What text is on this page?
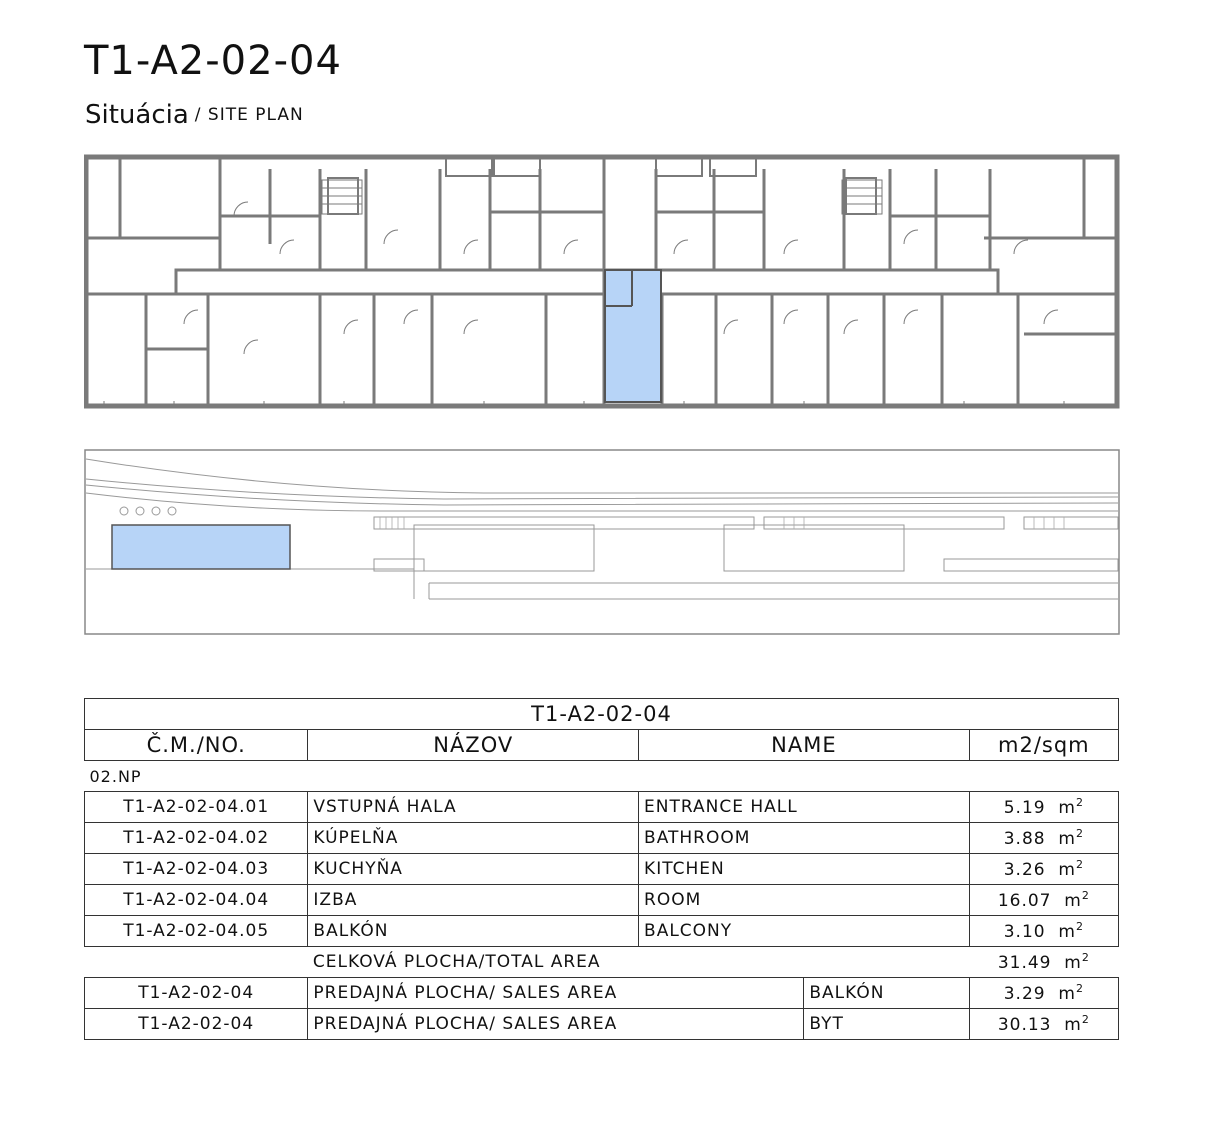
T1-A2-02-04
Situácia / SITE PLAN
T1-A2-02-04				
Č.M./NO.	NÁZOV	NAME		m2/sqm
02.NP				
T1-A2-02-04.01	VSTUPNÁ HALA	ENTRANCE HALL		5.19 $m^2$
T1-A2-02-04.02	KÚPELŇA	BATHROOM		3.88 $m^2$
T1-A2-02-04.03	KUCHYŇA	KITCHEN		3.26 $m^2$
T1-A2-02-04.04	IZBA	ROOM		16.07 $m^2$
T1-A2-02-04.05	BALKÓN	BALCONY		3.10 $m^2$
	CELKOVÁ PLOCHA/TOTAL AREA			31.49 $m^2$
T1-A2-02-04	PREDAJNÁ PLOCHA/ SALES AREA		BALKÓN	3.29 $m^2$
T1-A2-02-04	PREDAJNÁ PLOCHA/ SALES AREA		BYT	30.13 $m^2$
